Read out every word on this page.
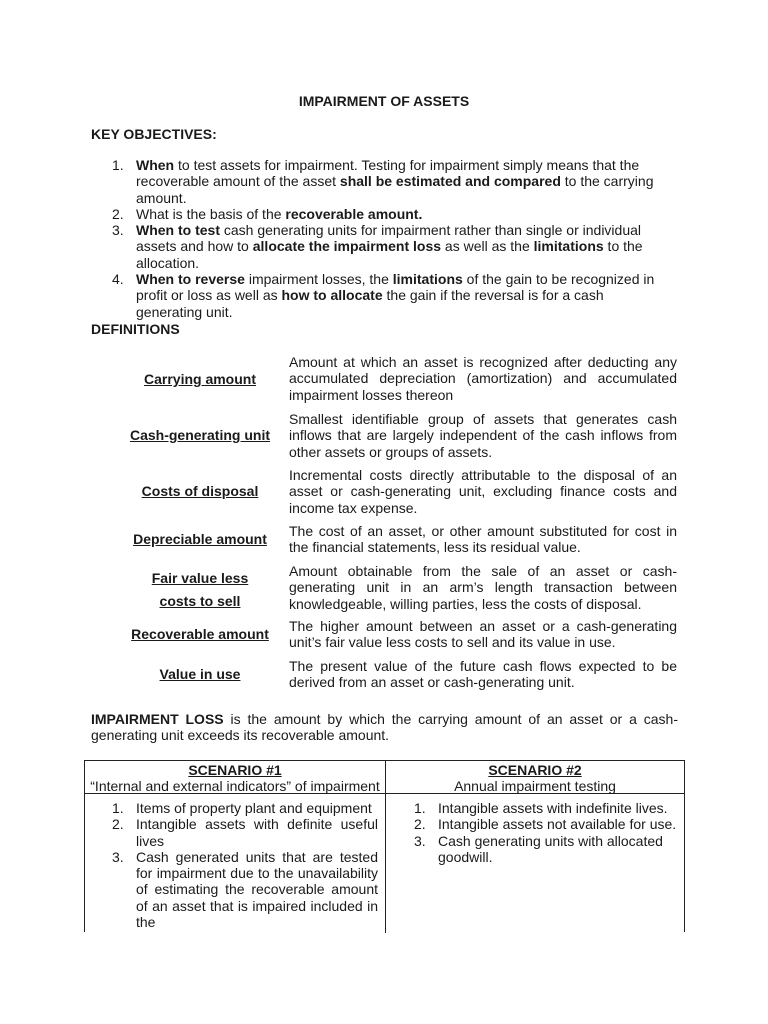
IMPAIRMENT OF ASSETS
KEY OBJECTIVES:
1. When to test assets for impairment. Testing for impairment simply means that the recoverable amount of the asset shall be estimated and compared to the carrying amount.
2. What is the basis of the recoverable amount.
3. When to test cash generating units for impairment rather than single or individual assets and how to allocate the impairment loss as well as the limitations to the allocation.
4. When to reverse impairment losses, the limitations of the gain to be recognized in profit or loss as well as how to allocate the gain if the reversal is for a cash generating unit.
DEFINITIONS
Carrying amount
Amount at which an asset is recognized after deducting any accumulated depreciation (amortization) and accumulated impairment losses thereon
Cash-generating unit
Smallest identifiable group of assets that generates cash inflows that are largely independent of the cash inflows from other assets or groups of assets.
Costs of disposal
Incremental costs directly attributable to the disposal of an asset or cash-generating unit, excluding finance costs and income tax expense.
Depreciable amount	The cost of an asset, or other amount substituted for cost in the financial statements, less its residual value.
Fair value less
costs to sell
Amount obtainable from the sale of an asset or cash-generating unit in an arm’s length transaction between knowledgeable, willing parties, less the costs of disposal.
Recoverable amount The higher amount between an asset or a cash-generating unit’s fair value less costs to sell and its value in use.
Value in use	The present value of the future cash flows expected to be derived from an asset or cash-generating unit.
IMPAIRMENT LOSS is the amount by which the carrying amount of an asset or a cash-generating unit exceeds its recoverable amount.
SCENARIO #1
“Internal and external indicators” of impairment
SCENARIO #2
Annual impairment testing
1. Items of property plant and equipment
2. Intangible assets with definite useful lives
3. Cash generated units that are tested for impairment due to the unavailability of estimating the recoverable amount of an asset that is impaired included in the
1. Intangible assets with indefinite lives.
2. Intangible assets not available for use.
3. Cash generating units with allocated goodwill.
